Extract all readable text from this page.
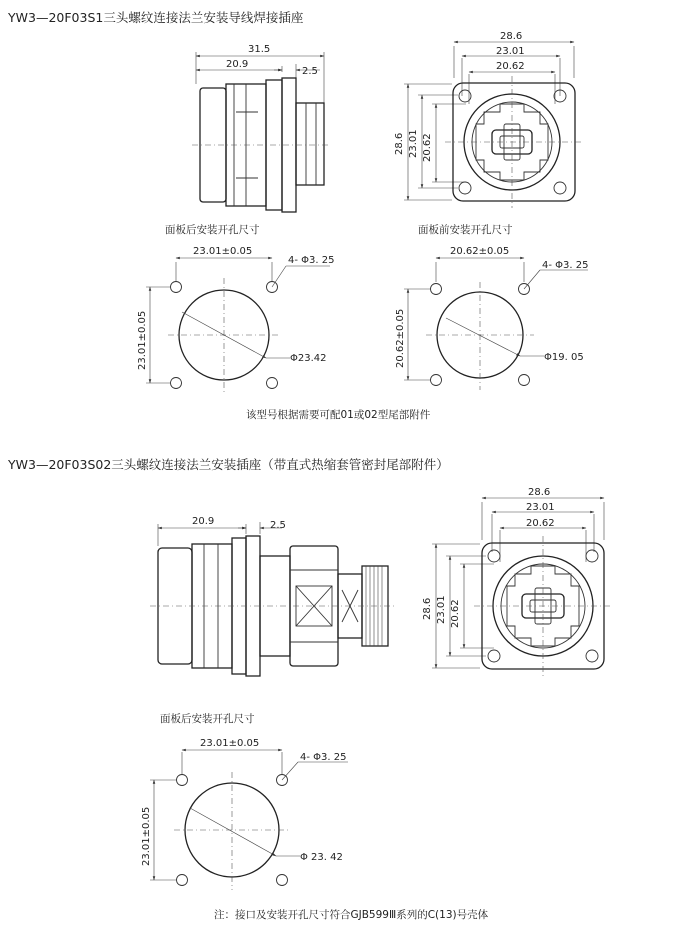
YW3—20F03S1三头螺纹连接法兰安装导线焊接插座
31.5
20.9
2.5
28.6
23.01
20.62
28.6 23.01 20.62
面板后安装开孔尺寸	面板前安装开孔尺寸
23.01±0.05
23.01±0.05
4- Φ3. 25
Φ23.42
20.62±0.05
20.62±0.05
4- Φ3. 25
Φ19. 05
该型号根据需要可配01或02型尾部附件
YW3—20F03S02三头螺纹连接法兰安装插座（带直式热缩套管密封尾部附件）
20.9	2.5
28.6
23.01
20.62
28.6 23.01 20.62
面板后安装开孔尺寸
23.01±0.05
23.01±0.05
4- Φ3. 25
Φ 23. 42
注：接口及安装开孔尺寸符合GJB599Ⅲ系列的C(13)号壳体
